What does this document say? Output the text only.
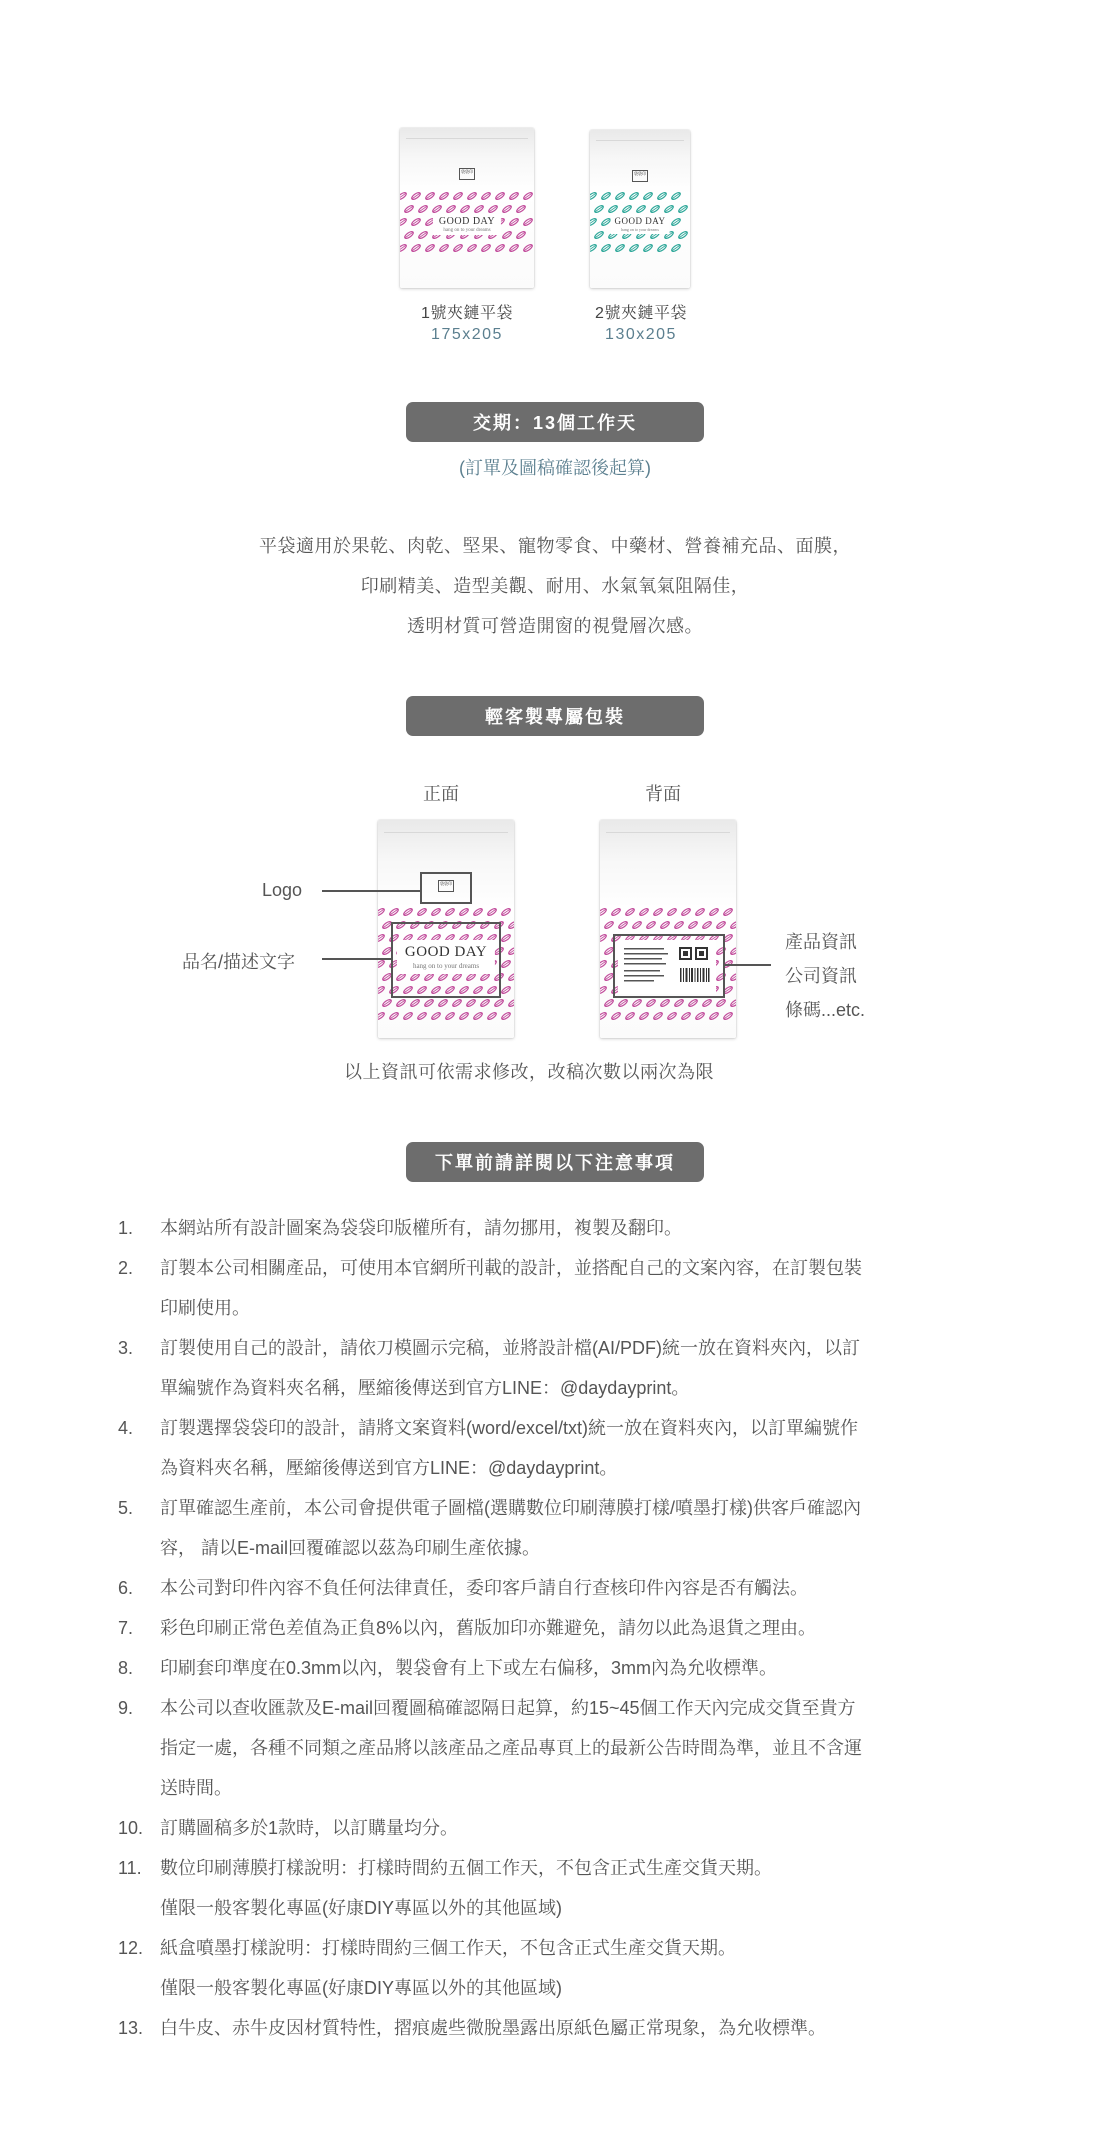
袋袋印
GOOD DAY
hang on to your dreams
袋袋印
GOOD DAY
hang on to your dreams
1號夾鏈平袋
175x205
2號夾鏈平袋
130x205
交期：13個工作天
(訂單及圖稿確認後起算)
平袋適用於果乾、肉乾、堅果、寵物零食、中藥材、營養補充品、面膜，
印刷精美、造型美觀、耐用、水氣氧氣阻隔佳，
透明材質可營造開窗的視覺層次感。
輕客製專屬包裝
正面	背面
袋袋印
GOOD DAY
hang on to your dreams
Logo
品名/描述文字
產品資訊
公司資訊
條碼...etc.
以上資訊可依需求修改，改稿次數以兩次為限
下單前請詳閱以下注意事項
1. 本網站所有設計圖案為袋袋印版權所有，請勿挪用，複製及翻印。
2. 訂製本公司相關產品，可使用本官網所刊載的設計，並搭配自己的文案內容，在訂製包裝
印刷使用。
3. 訂製使用自己的設計，請依刀模圖示完稿，並將設計檔(AI/PDF)統一放在資料夾內，以訂
單編號作為資料夾名稱，壓縮後傳送到官方LINE：@daydayprint。
4. 訂製選擇袋袋印的設計，請將文案資料(word/excel/txt)統一放在資料夾內，以訂單編號作
為資料夾名稱，壓縮後傳送到官方LINE：@daydayprint。
5. 訂單確認生產前，本公司會提供電子圖檔(選購數位印刷薄膜打樣/噴墨打樣)供客戶確認內
容， 請以E-mail回覆確認以茲為印刷生產依據。
6. 本公司對印件內容不負任何法律責任，委印客戶請自行查核印件內容是否有觸法。
7. 彩色印刷正常色差值為正負8%以內，舊版加印亦難避免，請勿以此為退貨之理由。
8. 印刷套印準度在0.3mm以內，製袋會有上下或左右偏移，3mm內為允收標準。
9. 本公司以查收匯款及E-mail回覆圖稿確認隔日起算，約15~45個工作天內完成交貨至貴方
指定一處，各種不同類之產品將以該產品之產品專頁上的最新公告時間為準，並且不含運
送時間。
10. 訂購圖稿多於1款時，以訂購量均分。
11. 數位印刷薄膜打樣說明：打樣時間約五個工作天，不包含正式生產交貨天期。
僅限一般客製化專區(好康DIY專區以外的其他區域)
12. 紙盒噴墨打樣說明：打樣時間約三個工作天，不包含正式生產交貨天期。
僅限一般客製化專區(好康DIY專區以外的其他區域)
13. 白牛皮、赤牛皮因材質特性，摺痕處些微脫墨露出原紙色屬正常現象，為允收標準。
